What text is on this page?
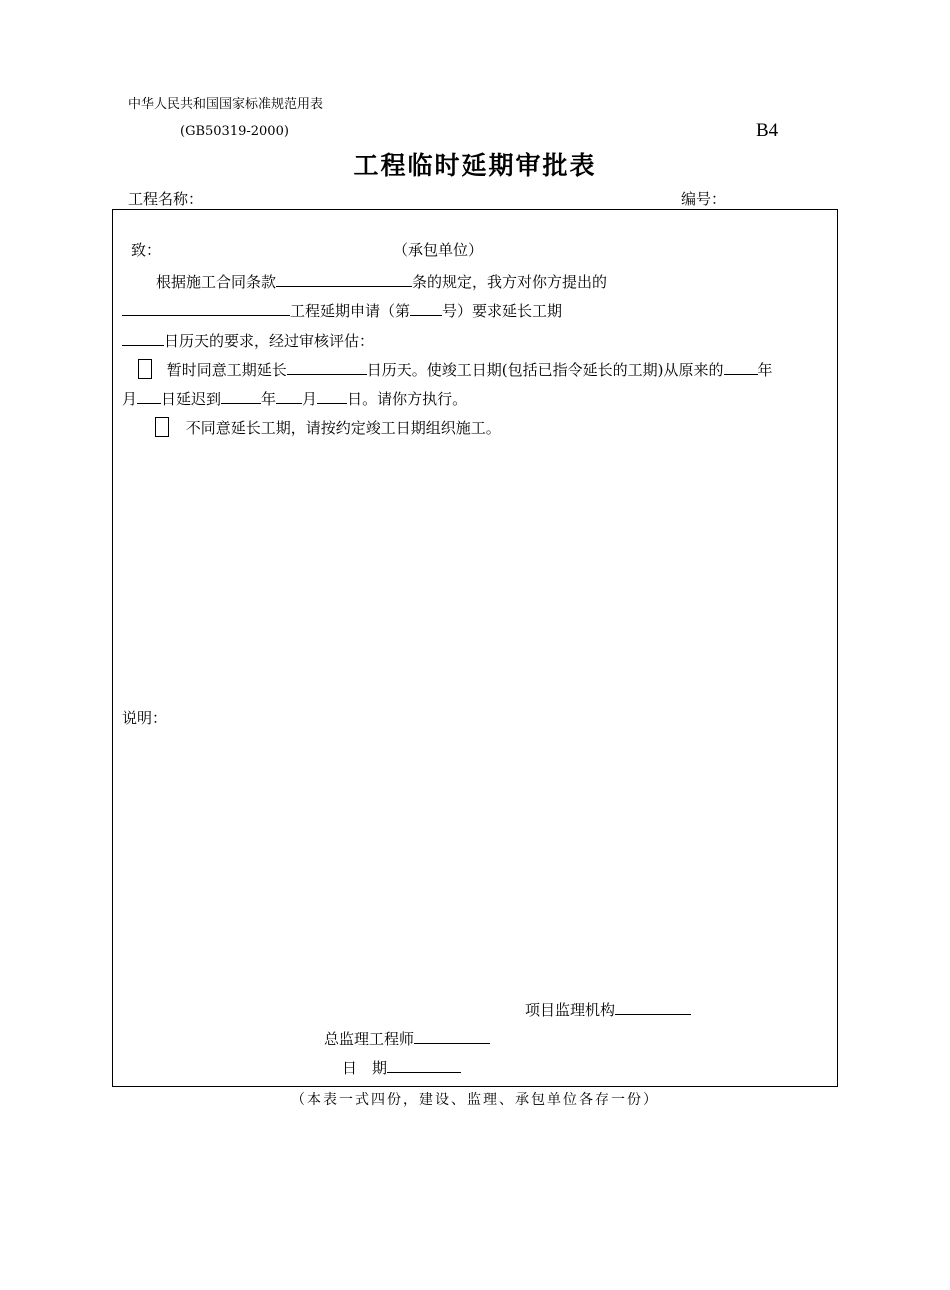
中华人民共和国国家标准规范用表
(GB50319-2000)	B4
工程临时延期审批表
工程名称：	编号：
致：	（承包单位）
根据施工合同条款	条的规定，我方对你方提出的
工程延期申请（第 号）要求延长工期
日历天的要求，经过审核评估：
暂时同意工期延长	日历天。使竣工日期(包括已指令延长的工期)从原来的 年
月 日延迟到	年 月 日。请你方执行。
不同意延长工期，请按约定竣工日期组织施工。
说明：
项目监理机构
总监理工程师
日　期
（本表一式四份，建设、监理、承包单位各存一份）
